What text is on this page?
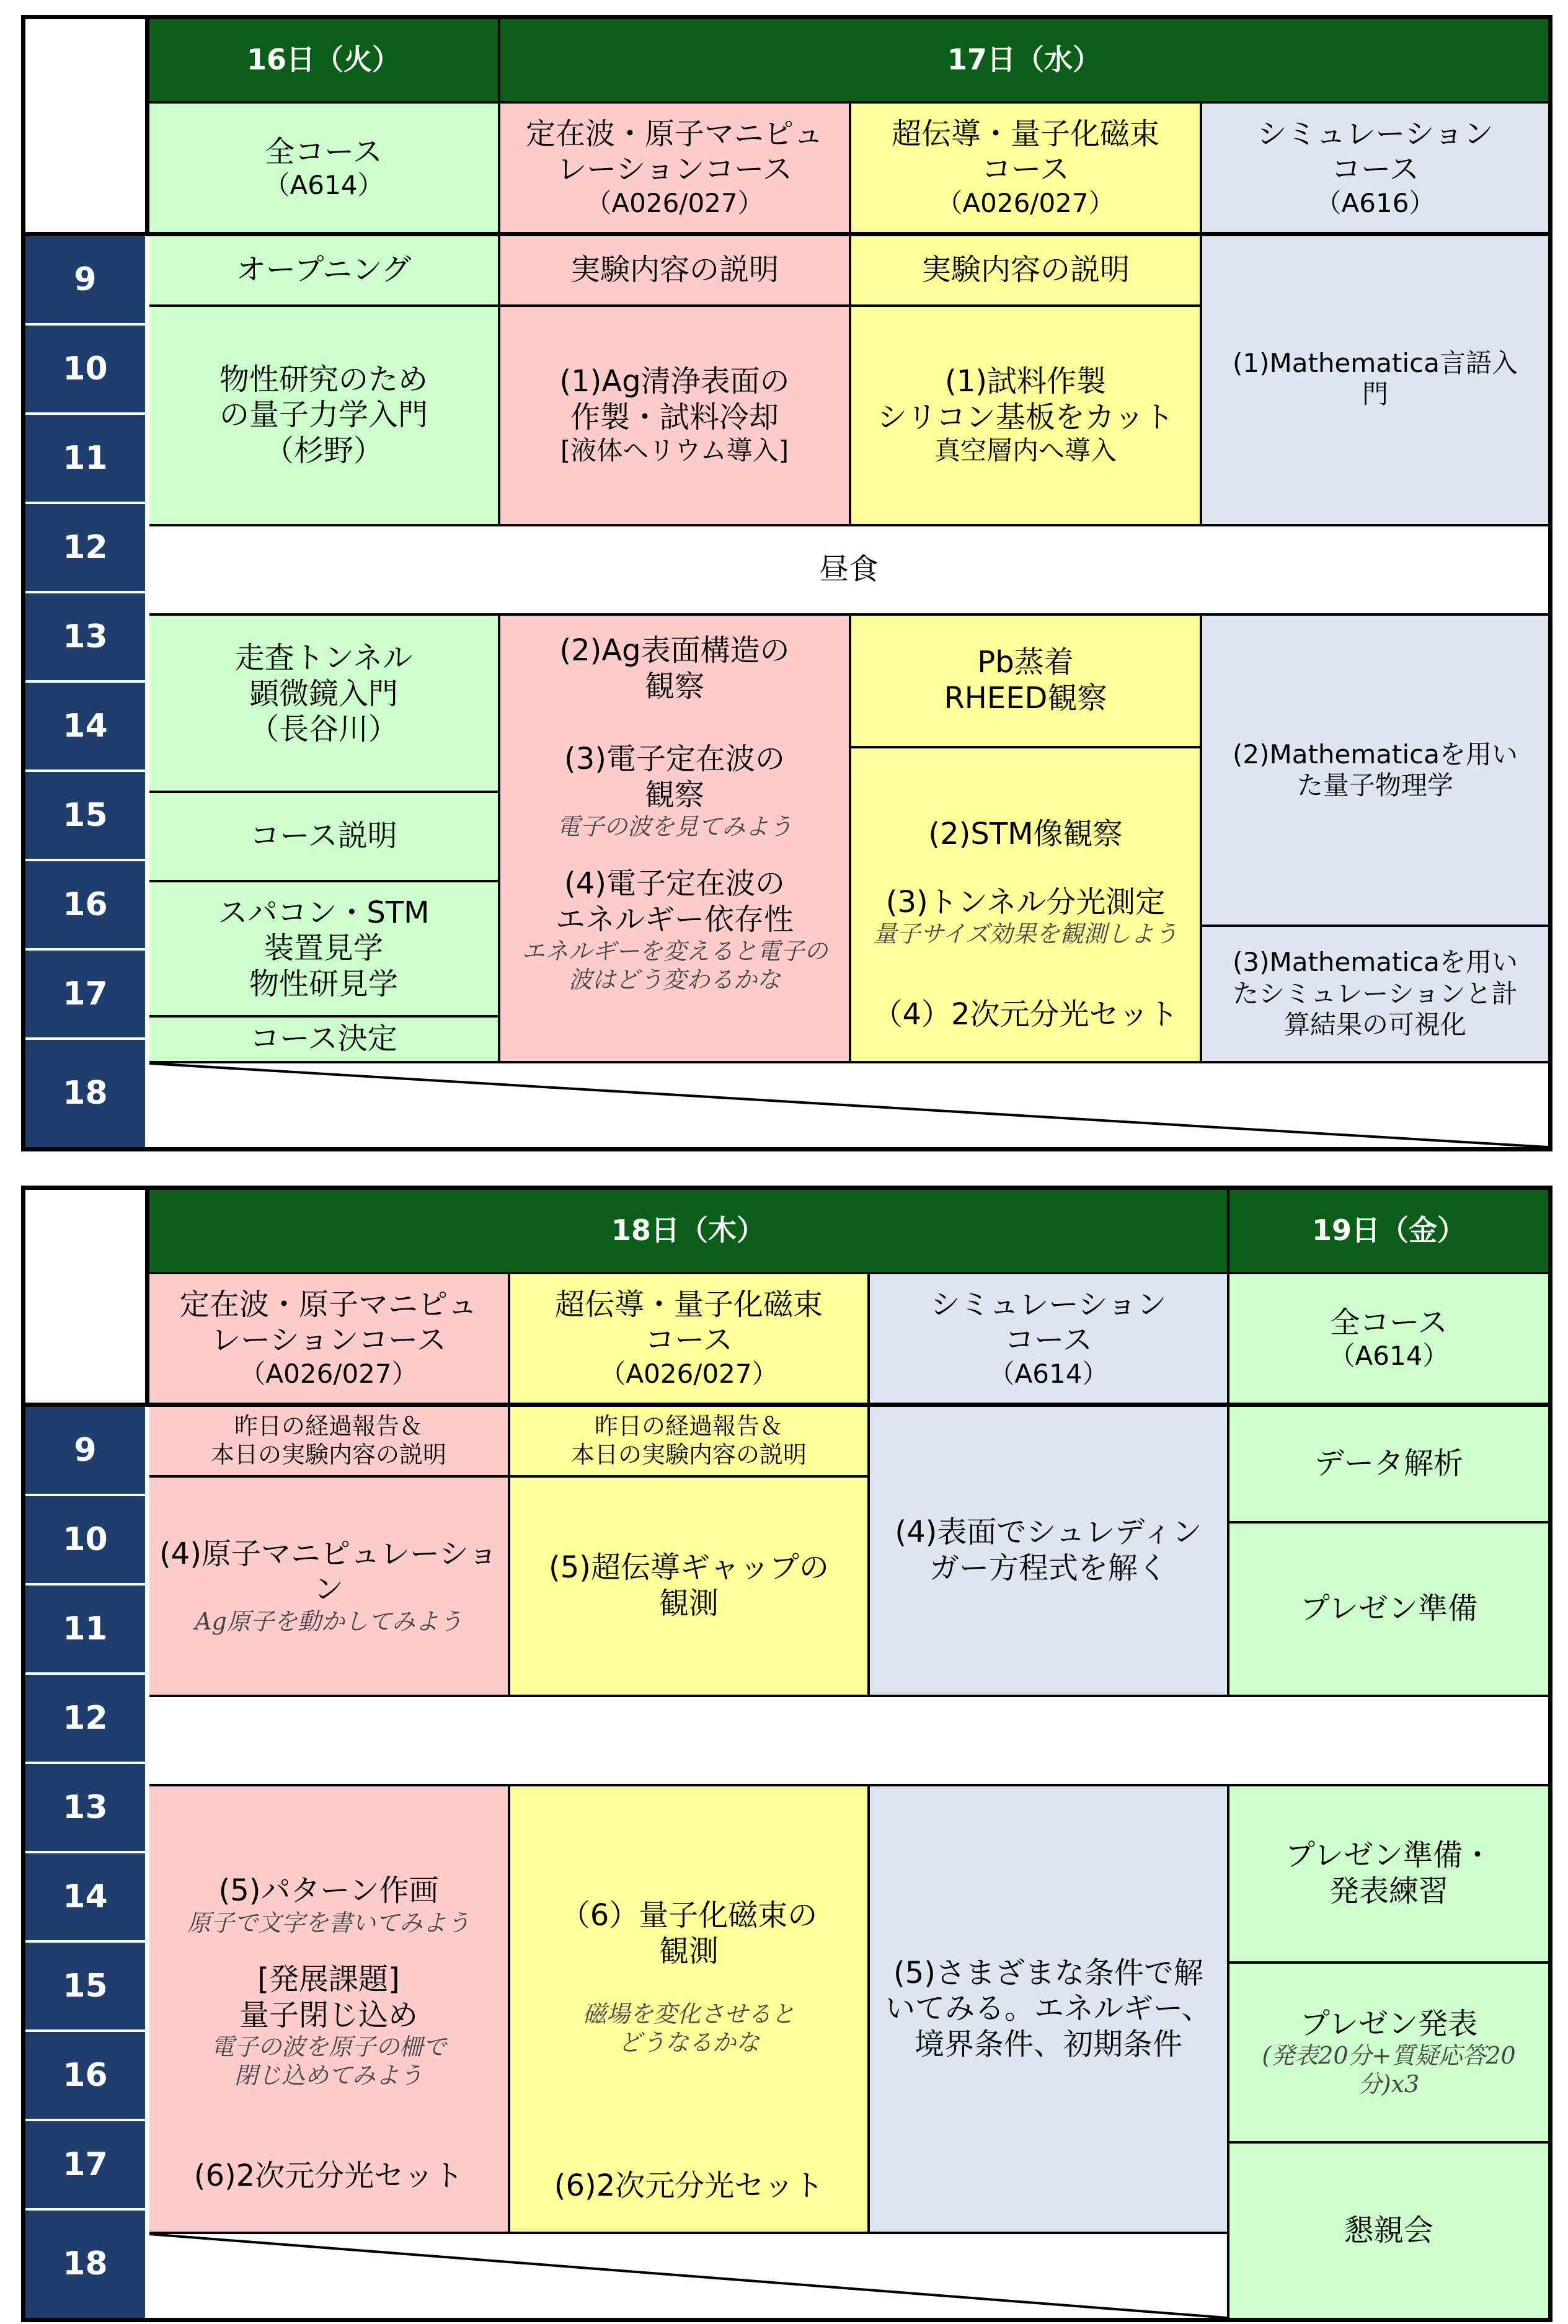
16日（火）	17日（水）
全コース
（A614）
定在波・原子マニピュ
レーションコース
（A026/027）
超伝導・量子化磁束
コース
（A026/027）
シミュレーション
コース
（A616）
9
10
11
12
13
14
15
16
17
18
オープニング
物性研究のため
の量子力学入門
（杉野）
実験内容の説明
(1)Ag清浄表面の
作製・試料冷却
[液体ヘリウム導入]
実験内容の説明
(1)試料作製
シリコン基板をカット
真空層内へ導入
(1)Mathematica言語入
門
昼食
走査トンネル
顕微鏡入門
（長谷川）
コース説明
スパコン・STM
装置見学
物性研見学
コース決定
(2)Ag表面構造の
観察
(3)電子定在波の
観察
電子の波を見てみよう
(4)電子定在波の
エネルギー依存性
エネルギーを変えると電子の
波はどう変わるかな
Pb蒸着
RHEED観察
(2)STM像観察
(3)トンネル分光測定
量子サイズ効果を観測しよう
（4）2次元分光セット
(2)Mathematicaを用い
た量子物理学
(3)Mathematicaを用い
たシミュレーションと計
算結果の可視化
18日（木）	19日（金）
定在波・原子マニピュ
レーションコース
（A026/027）
超伝導・量子化磁束
コース
（A026/027）
シミュレーション
コース
（A614）
全コース
（A614）
9
10
11
12
13
14
15
16
17
18
昨日の経過報告＆
本日の実験内容の説明
(4)原子マニピュレーショ
ン
Ag原子を動かしてみよう
昨日の経過報告＆
本日の実験内容の説明
(5)超伝導ギャップの
観測
(4)表面でシュレディン
ガー方程式を解く
データ解析
プレゼン準備
(5)パターン作画
原子で文字を書いてみよう
[発展課題]
量子閉じ込め
電子の波を原子の柵で
閉じ込めてみよう
(6)2次元分光セット
（6）量子化磁束の
観測
磁場を変化させると
どうなるかな
(6)2次元分光セット
(5)さまざまな条件で解
いてみる。エネルギー、
境界条件、初期条件
プレゼン準備・
発表練習
プレゼン発表
(発表20分+質疑応答20
分)x3
懇親会
